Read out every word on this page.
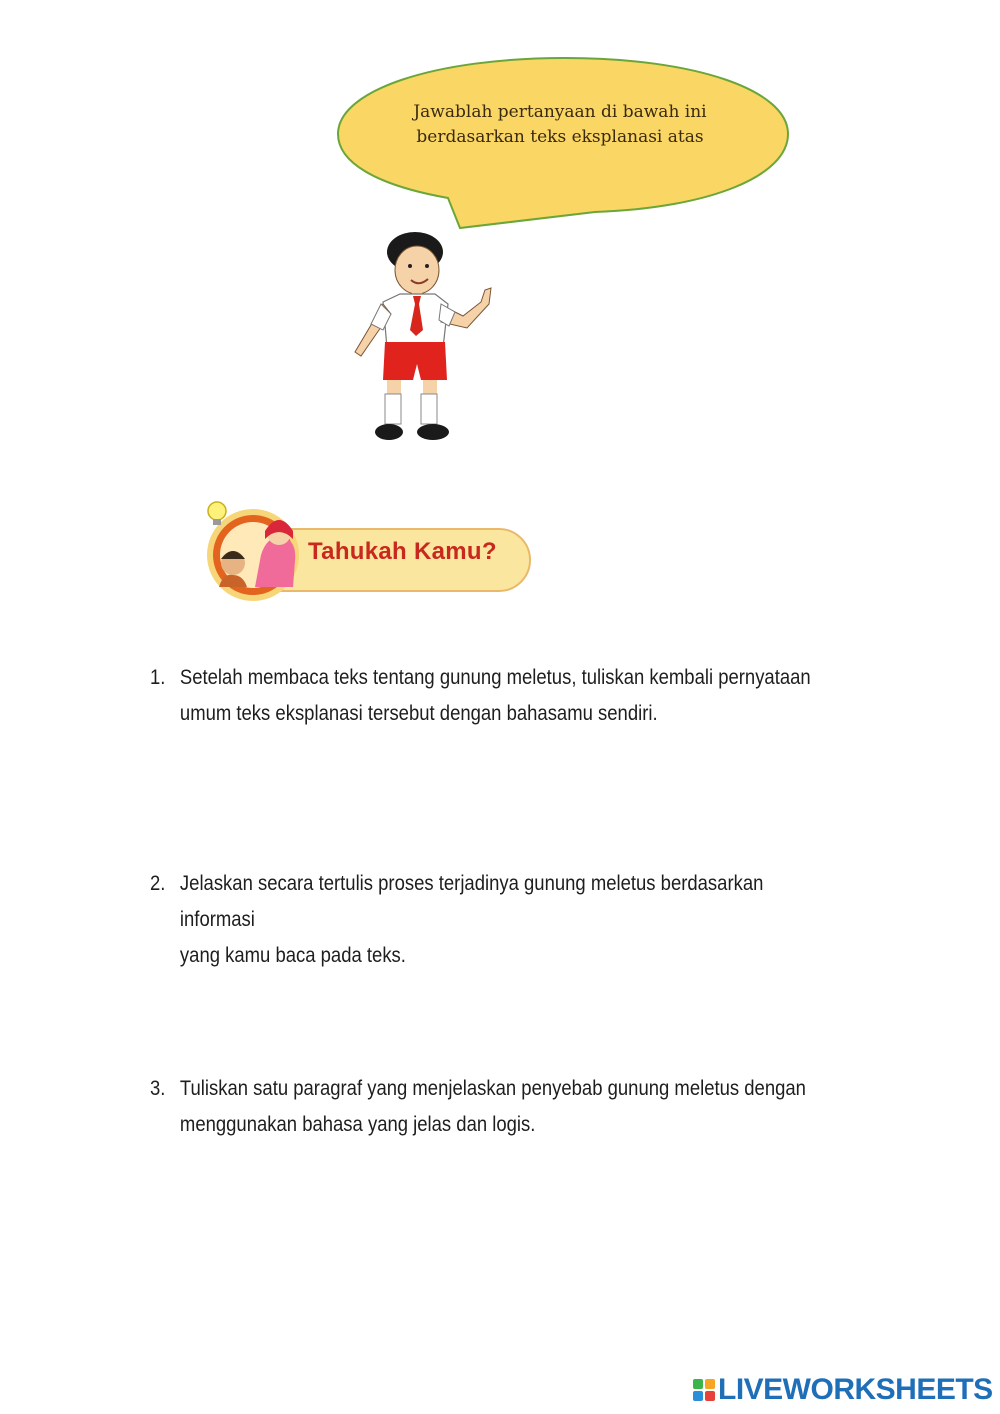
Jawablah pertanyaan di bawah ini
berdasarkan teks eksplanasi atas
Tahukah Kamu?
1. Setelah membaca teks tentang gunung meletus, tuliskan kembali pernyataan
umum teks eksplanasi tersebut dengan bahasamu sendiri.
2. Jelaskan secara tertulis proses terjadinya gunung meletus berdasarkan informasi
yang kamu baca pada teks.
3. Tuliskan satu paragraf yang menjelaskan penyebab gunung meletus dengan
menggunakan bahasa yang jelas dan logis.
LIVEWORKSHEETS
